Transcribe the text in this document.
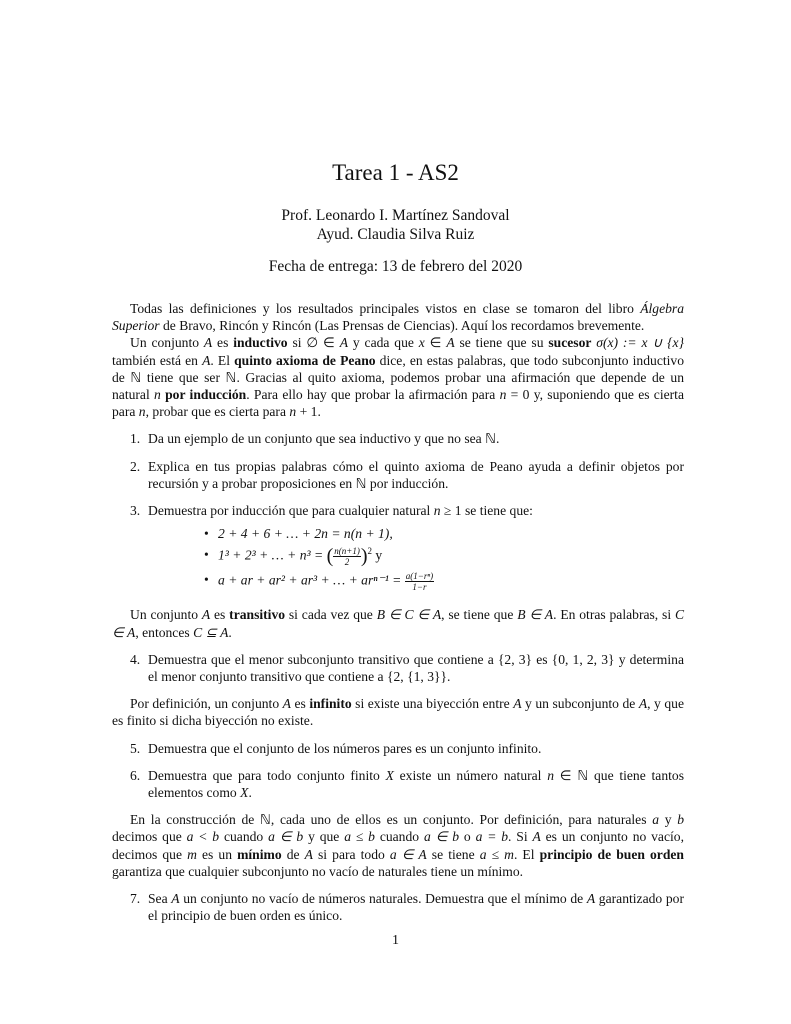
Tarea 1 - AS2
Prof. Leonardo I. Martínez Sandoval
Ayud. Claudia Silva Ruiz
Fecha de entrega: 13 de febrero del 2020

Todas las definiciones y los resultados principales vistos en clase se tomaron del libro Álgebra Superior de Bravo, Rincón y Rincón (Las Prensas de Ciencias). Aquí los recordamos brevemente.

Un conjunto A es inductivo si ∅ ∈ A y cada que x ∈ A se tiene que su sucesor σ(x) := x ∪ {x} también está en A. El quinto axioma de Peano dice, en estas palabras, que todo subconjunto inductivo de ℕ tiene que ser ℕ. Gracias al quito axioma, podemos probar una afirmación que depende de un natural n por inducción. Para ello hay que probar la afirmación para n = 0 y, suponiendo que es cierta para n, probar que es cierta para n + 1.

1. Da un ejemplo de un conjunto que sea inductivo y que no sea ℕ.
2. Explica en tus propias palabras cómo el quinto axioma de Peano ayuda a definir objetos por recursión y a probar proposiciones en ℕ por inducción.
3. Demuestra por inducción que para cualquier natural n ≥ 1 se tiene que:
• 2 + 4 + 6 + … + 2n = n(n + 1),
• 1³ + 2³ + … + n³ = ( $\frac{n(n+1)}{2} )^2$ y
• a + ar + ar² + ar³ + … + $ar^{n-1} = \frac{\text{a(1−rⁿ)}}{1-r}$

Un conjunto A es transitivo si cada vez que B ∈ C ∈ A, se tiene que B ∈ A. En otras palabras, si C ∈ A, entonces C ⊆ A.

4. Demuestra que el menor subconjunto transitivo que contiene a {2, 3} es {0, 1, 2, 3} y determina el menor conjunto transitivo que contiene a {2, {1, 3}}.

Por definición, un conjunto A es infinito si existe una biyección entre A y un subconjunto de A, y que es finito si dicha biyección no existe.

5. Demuestra que el conjunto de los números pares es un conjunto infinito.
6. Demuestra que para todo conjunto finito X existe un número natural n ∈ ℕ que tiene tantos elementos como X.

En la construcción de ℕ, cada uno de ellos es un conjunto. Por definición, para naturales a y b decimos que a < b cuando a ∈ b y que a ≤ b cuando a ∈ b o a = b. Si A es un conjunto no vacío, decimos que m es un mínimo de A si para todo a ∈ A se tiene a ≤ m. El principio de buen orden garantiza que cualquier subconjunto no vacío de naturales tiene un mínimo.

7. Sea A un conjunto no vacío de números naturales. Demuestra que el mínimo de A garantizado por el principio de buen orden es único.
1
